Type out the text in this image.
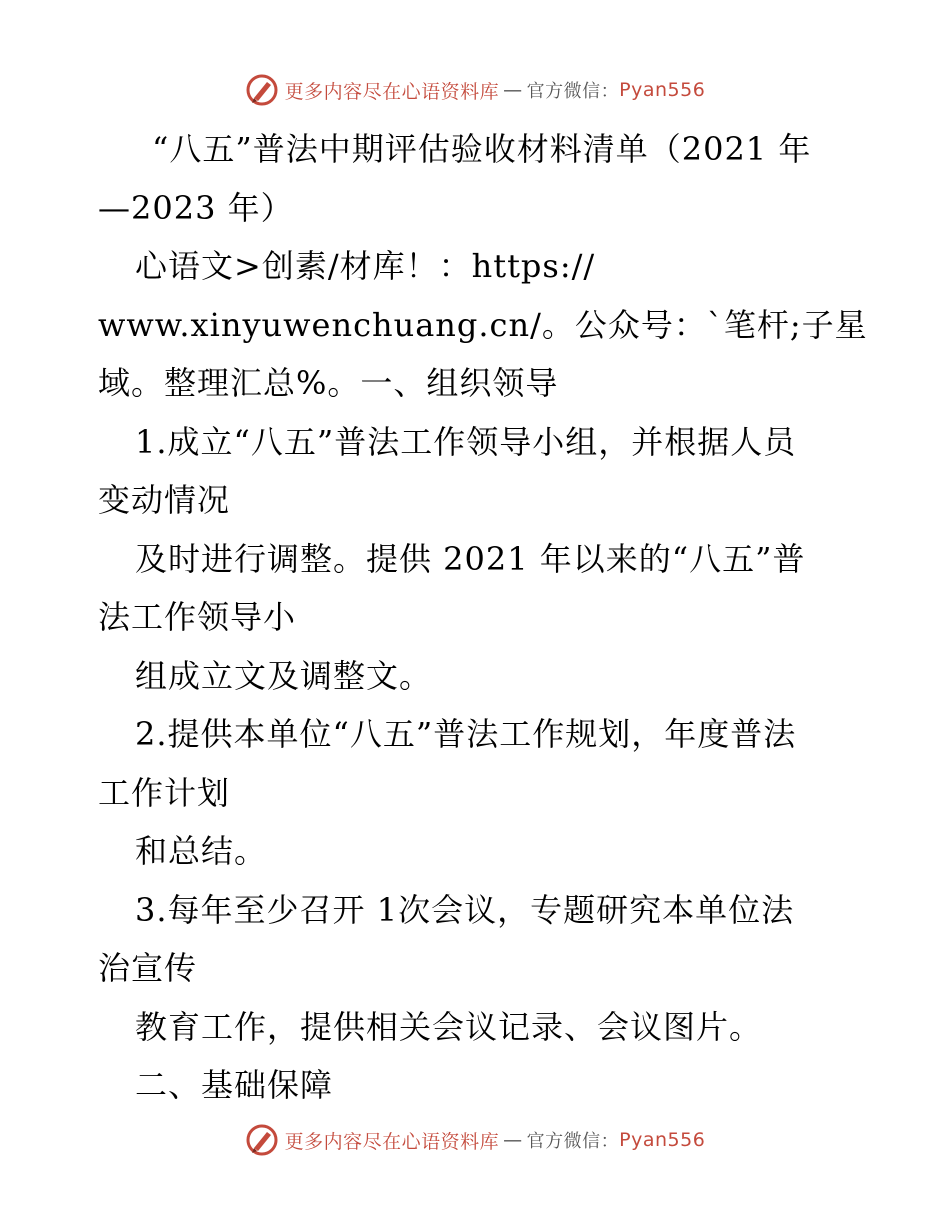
更多内容尽在心语资料库 — 官方微信： Pyan556
“八五”普法中期评估验收材料清单（2021 年
—2023 年）
心语文>创素/材库！：https://
www.xinyuwenchuang.cn/。公众号：`笔杆;子星
域。整理汇总%。一、组织领导
1.成立“八五”普法工作领导小组，并根据人员
变动情况
及时进行调整。提供 2021 年以来的“八五”普
法工作领导小
组成立文及调整文。
2.提供本单位“八五”普法工作规划，年度普法
工作计划
和总结。
3.每年至少召开 1次会议，专题研究本单位法
治宣传
教育工作，提供相关会议记录、会议图片。
二、基础保障
更多内容尽在心语资料库 — 官方微信： Pyan556
